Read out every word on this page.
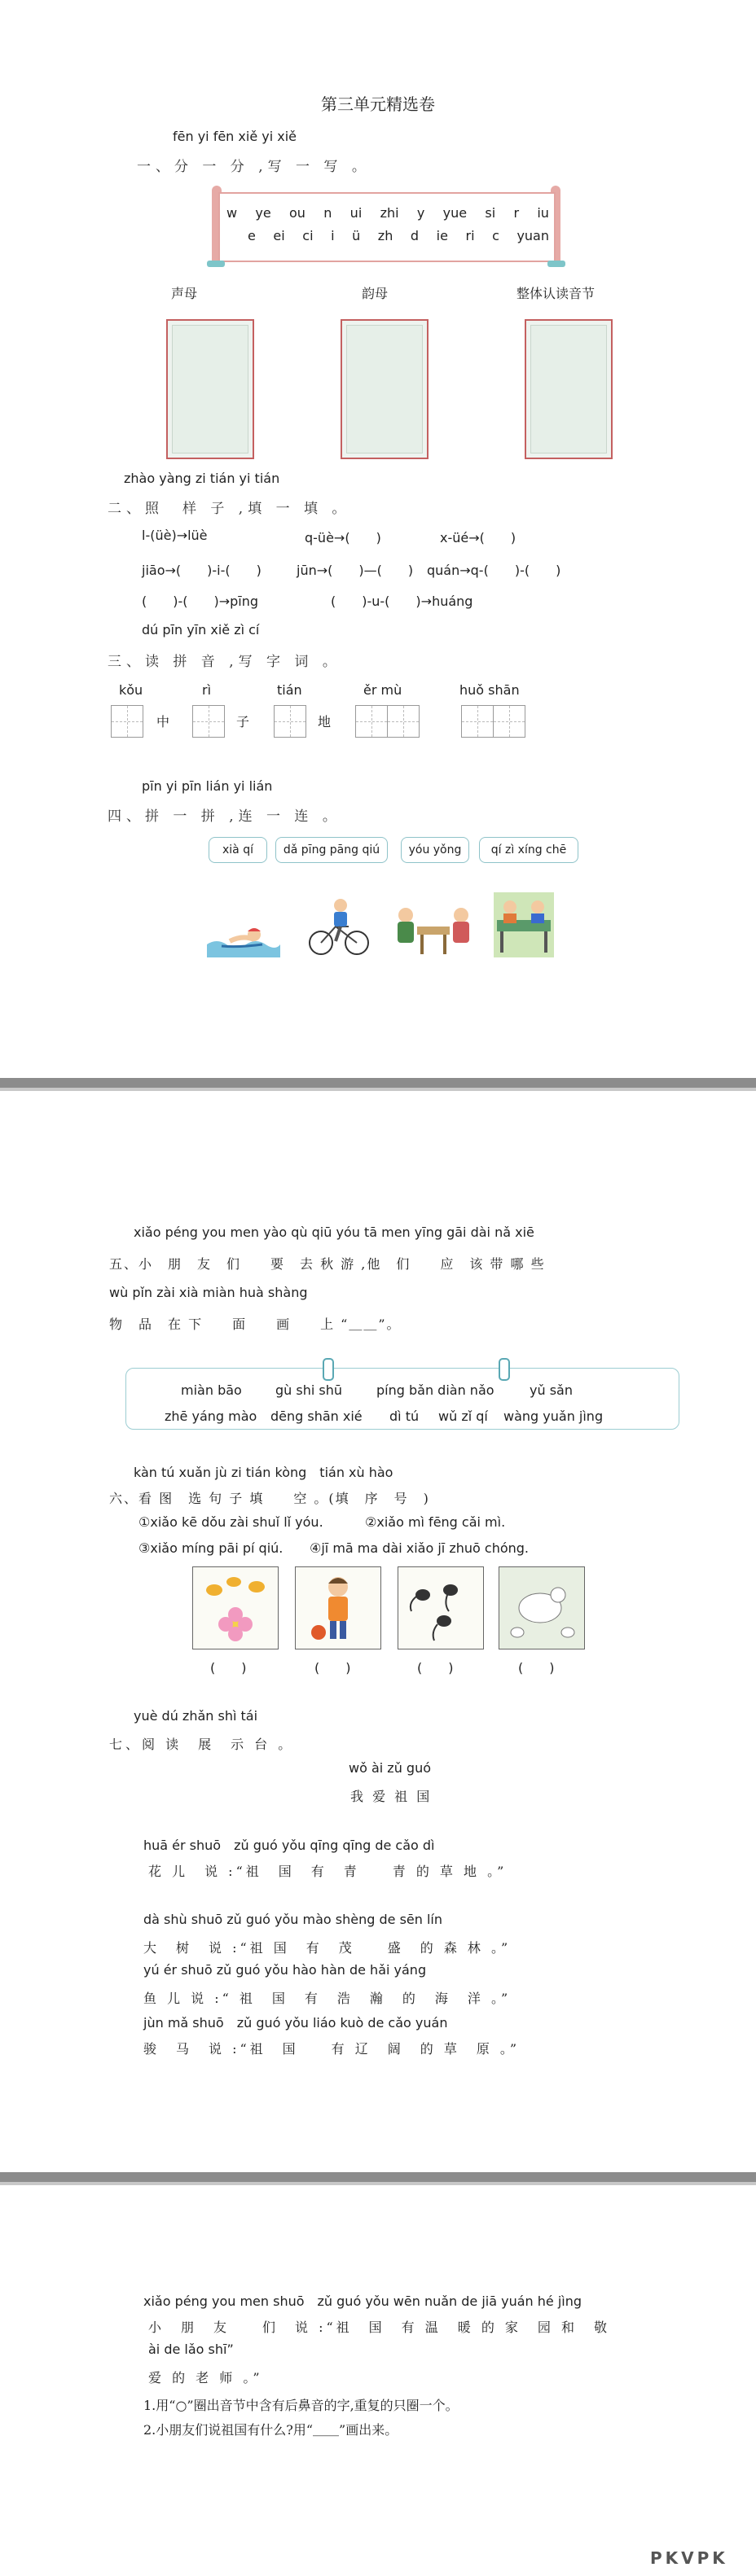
第三单元精选卷
fēn yi fēn xiě yi xiě
一、分 一 分 ,写 一 写 。
w ye ou n ui zhi y yue si r iu
e ei ci i ü zh d ie ri c yuan
声母	韵母	整体认读音节
zhào yàng zi tián yi tián
二、照　样 子 ,填 一 填 。
l-(üè)→lüè	q-üè→(　　)	x-üé→(　　)
jiāo→(　　)-i-(　　)	jūn→(　　)—(　　) quán→q-(　　)-(　　)
(　　)-(　　)→pīng	(　　)-u-(　　)→huáng
dú pīn yīn xiě zì cí
三、读 拼 音 ,写 字 词 。
kǒu
中
rì
子
tián
地
ěr mù	huǒ shān
pīn yi pīn lián yi lián
四、拼 一 拼 ,连 一 连 。
xià qí	dǎ pīng pāng qiú	yóu yǒng	qí zì xíng chē
xiǎo péng you men yào qù qiū yóu tā men yīng gāi dài nǎ xiē
五、小　朋　友　们　　要　去 秋 游 ,他　们　　应　该 带 哪 些
wù pǐn zài xià miàn huà shàng
物　品　在 下　　面　　画　　上 “＿＿”。
miàn bāo	gù shi shū	píng bǎn diàn nǎo	yǔ sǎn
zhē yáng mào dēng shān xié dì tú wǔ zǐ qí wàng yuǎn jìng
kàn tú xuǎn jù zi tián kòng　tián xù hào
六、看 图　选 句 子 填　　空 。(填　序　号　)
①xiǎo kē dǒu zài shuǐ lǐ yóu.	②xiǎo mì fēng cǎi mì.
③xiǎo míng pāi pí qiú. ④jī mā ma dài xiǎo jī zhuō chóng.
(　　)	(　　)	(　　)	(　　)
yuè dú zhǎn shì tái
七、阅 读　展　示 台 。
wǒ ài zǔ guó
我 爱 祖 国
huā ér shuō　zǔ guó yǒu qīng qīng de cǎo dì
花 儿　说 :“祖　国　有　青　　青 的 草 地 。”
dà shù shuō zǔ guó yǒu mào shèng de sēn lín
大　树　说 :“祖 国　有　茂　　盛　的 森 林 。”
yú ér shuō zǔ guó yǒu hào hàn de hǎi yáng
鱼 儿 说 :“ 祖　国　有　浩　瀚　的　海　洋 。”
jùn mǎ shuō　zǔ guó yǒu liáo kuò de cǎo yuán
骏　马　说 :“祖　国　　有 辽　阔　的 草　原 。”
xiǎo péng you men shuō　zǔ guó yǒu wēn nuǎn de jiā yuán hé jìng
小　朋　友　　们　说 :“祖　国　有 温　暖 的 家　园 和　敬
ài de lǎo shī”
爱 的 老 师 。”
1.用“○”圈出音节中含有后鼻音的字,重复的只圈一个。
2.小朋友们说祖国有什么?用“＿＿”画出来。
PKVPK
